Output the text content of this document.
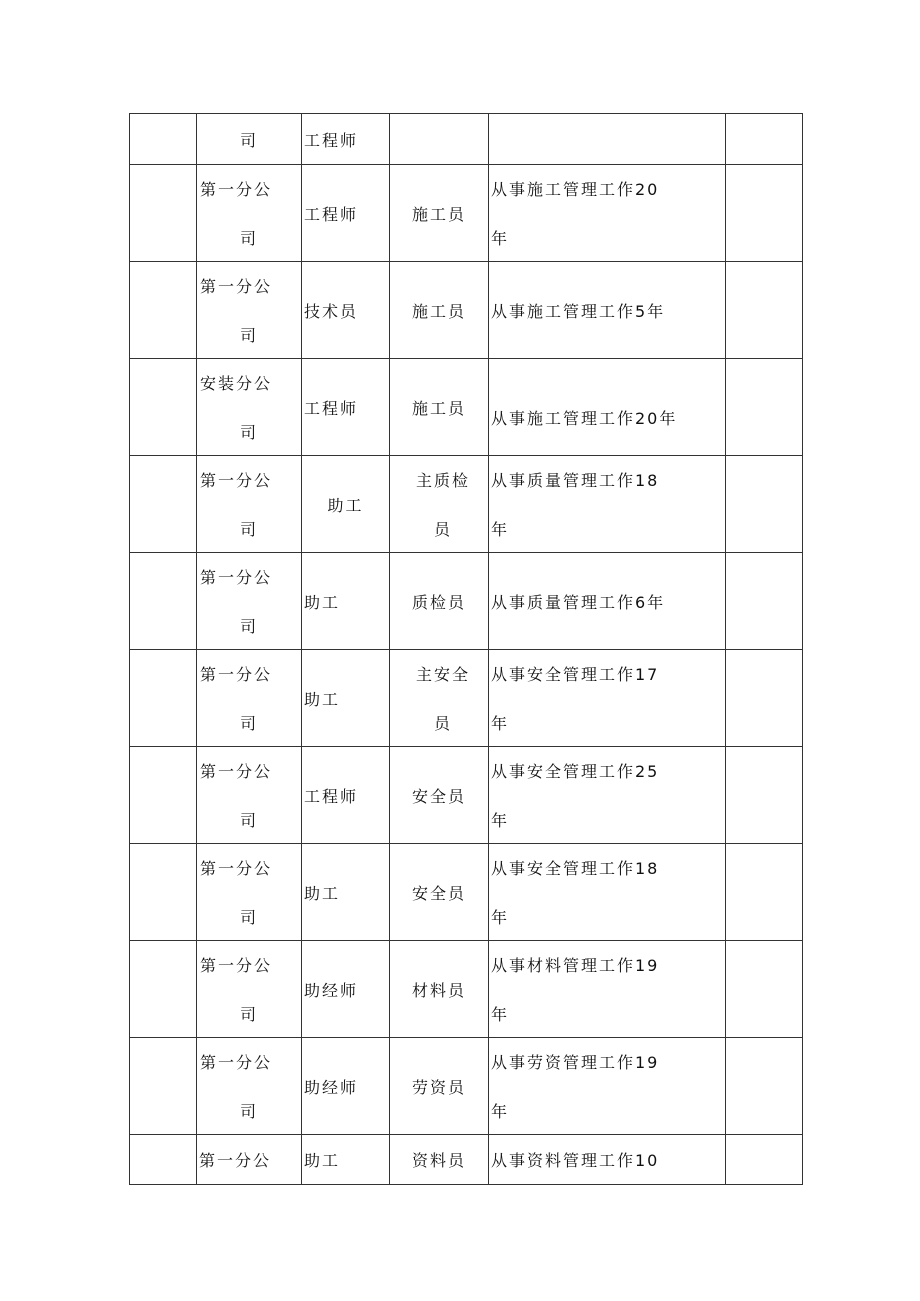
	司	工程师			

	第一分公
司	工程师	施工员	从事施工管理工作20
年	

	第一分公
司	技术员	施工员	从事施工管理工作5年	

	安装分公
司	工程师	施工员	从事施工管理工作20年	

	第一分公
司	助工	主质检
员	从事质量管理工作18
年	

	第一分公
司	助工	质检员	从事质量管理工作6年	

	第一分公
司	助工	主安全
员	从事安全管理工作17
年	

	第一分公
司	工程师	安全员	从事安全管理工作25
年	

	第一分公
司	助工	安全员	从事安全管理工作18
年	

	第一分公
司	助经师	材料员	从事材料管理工作19
年	

	第一分公
司	助经师	劳资员	从事劳资管理工作19
年	

	第一分公	助工	资料员	从事资料管理工作10	
